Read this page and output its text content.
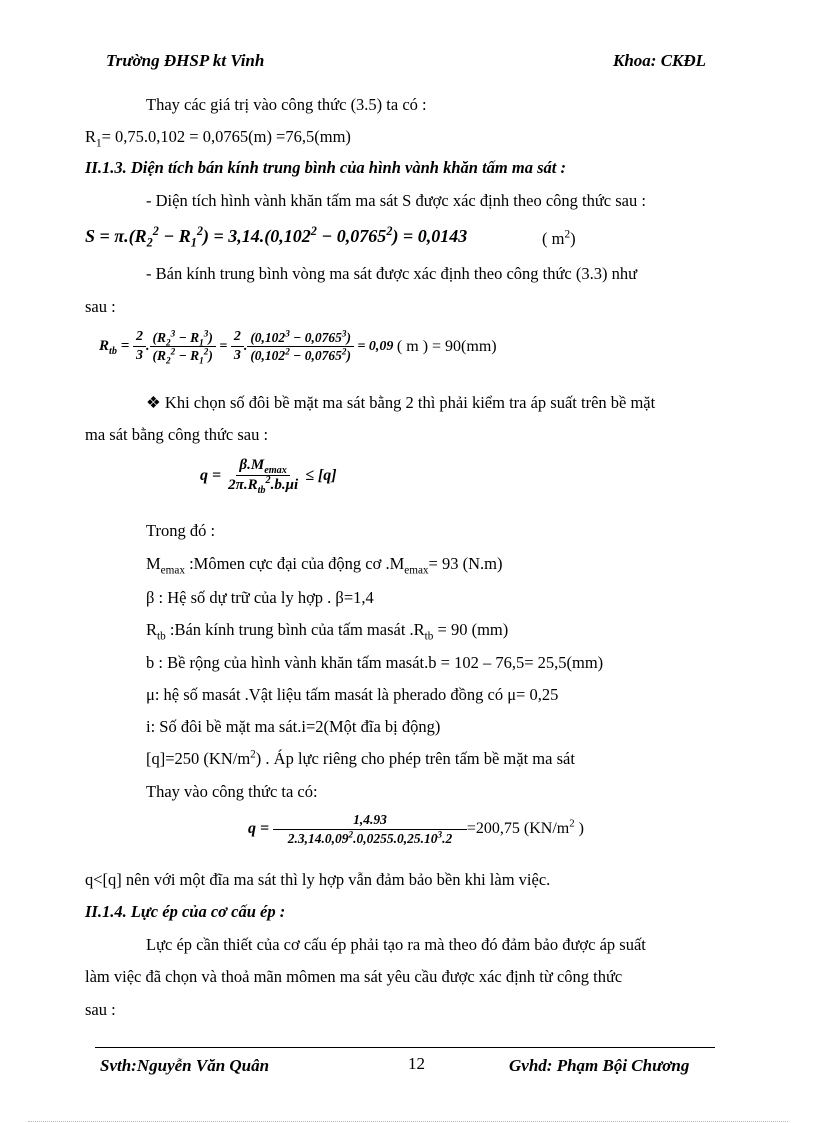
Trường ĐHSP kt Vinh	Khoa: CKĐL
Thay các giá trị vào công thức (3.5) ta có :
$R_1= 0,75.0,102 = 0,0765(m) =76,5(mm)$
II.1.3. Diện tích bán kính trung bình của hình vành khăn tấm ma sát :
- Diện tích hình vành khăn tấm ma sát S được xác định theo công thức sau :
$S = \pi.(R_2^2 - R_1^2) = 3,14.(0,102^2 - 0,0765^2) = 0,0143$	( $m^2$)
- Bán kính trung bình vòng ma sát được xác định theo công thức (3.3) như
sau :
$R_{tb} = \frac{2}{3}$ . $\frac{(R_2^3 - R_1^3)}{(R_2^2 - R_1^2)} = \frac{2}{3}$ . $\frac{(0,102^3 - 0,0765^3)}{(0,102^2 - 0,0765^2)} = 0,09$ ( m ) = 90(mm)
❖ Khi chọn số đôi bề mặt ma sát bằng 2 thì phải kiểm tra áp suất trên bề mặt
ma sát bằng công thức sau :
$q = \frac{\beta.M_{emax}}{2\pi.R_{tb}^2.b.\mu i} \le [q]$
Trong đó :
$M_{emax}$ :Mômen cực đại của động cơ $.M_{emax}= 93$ (N.m)
β : Hệ số dự trữ của ly hợp . β=1,4
$R_{tb}$ :Bán kính trung bình của tấm masát $.R_{tb} = 90$ (mm)
b : Bề rộng của hình vành khăn tấm masát.b = 102 – 76,5= 25,5(mm)
μ: hệ số masát .Vật liệu tấm masát là pherado đồng có μ= 0,25
i: Số đôi bề mặt ma sát.i=2(Một đĩa bị động)
[q]=250 $(KN/m^2)$ . Áp lực riêng cho phép trên tấm bề mặt ma sát
Thay vào công thức ta có:
$q = \frac{1,4.93}{2.3,14.0,09^2.0,0255.0,25.10^3.2} =200,75$ ($KN/m^2$ )
q<[q] nên với một đĩa ma sát thì ly hợp vẫn đảm bảo bền khi làm việc.
II.1.4. Lực ép của cơ cấu ép :
Lực ép cần thiết của cơ cấu ép phải tạo ra mà theo đó đảm bảo được áp suất
làm việc đã chọn và thoả mãn mômen ma sát yêu cầu được xác định từ công thức
sau :
Svth:Nguyễn Văn Quân	12	Gvhd: Phạm Bội Chương
